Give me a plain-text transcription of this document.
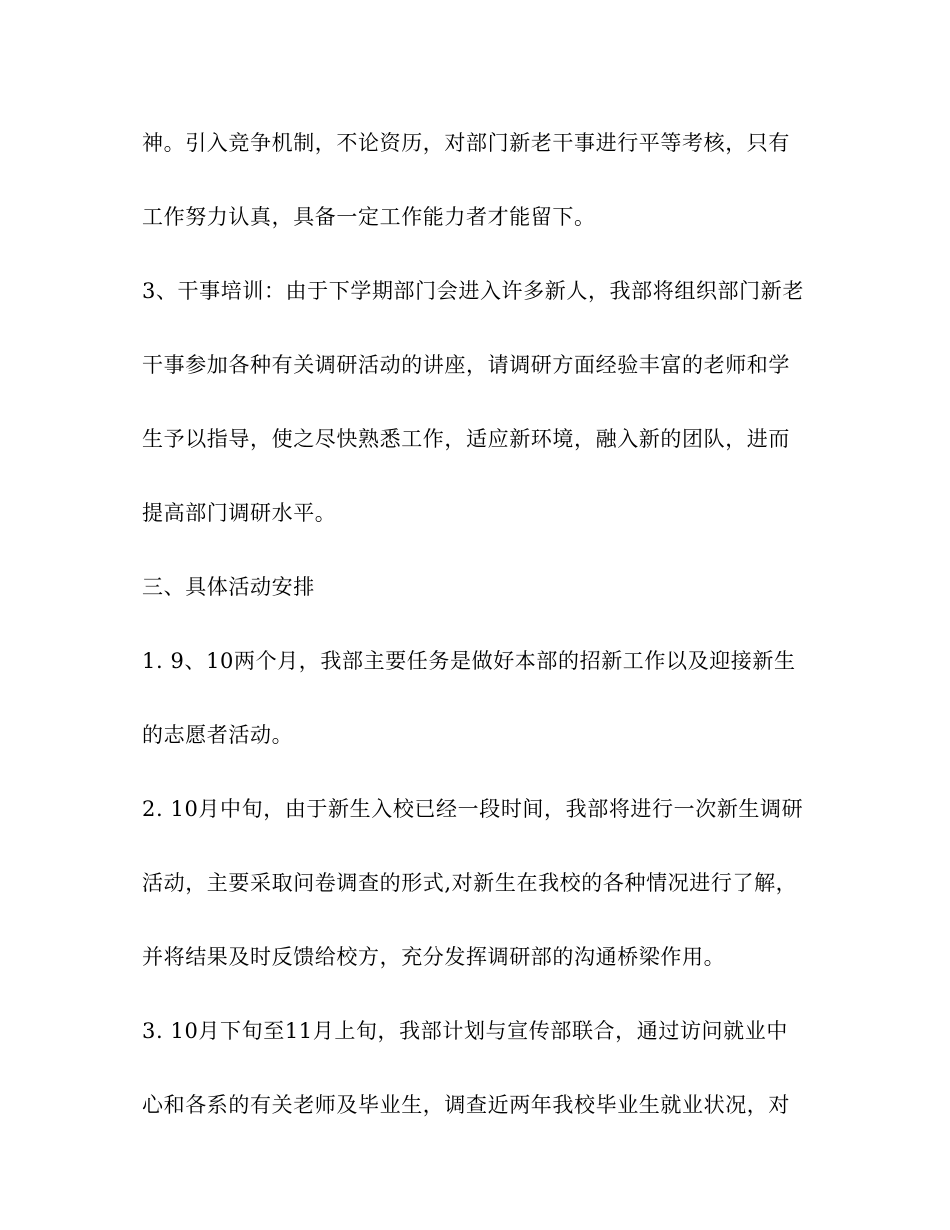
神。引入竞争机制，不论资历，对部门新老干事进行平等考核，只有

工作努力认真，具备一定工作能力者才能留下。

3、干事培训：由于下学期部门会进入许多新人，我部将组织部门新老

干事参加各种有关调研活动的讲座，请调研方面经验丰富的老师和学

生予以指导，使之尽快熟悉工作，适应新环境，融入新的团队，进而

提高部门调研水平。

三、具体活动安排

1. 9、10两个月，我部主要任务是做好本部的招新工作以及迎接新生

的志愿者活动。

2. 10月中旬，由于新生入校已经一段时间，我部将进行一次新生调研

活动，主要采取问卷调查的形式,对新生在我校的各种情况进行了解，

并将结果及时反馈给校方，充分发挥调研部的沟通桥梁作用。

3. 10月下旬至11月上旬，我部计划与宣传部联合，通过访问就业中

心和各系的有关老师及毕业生，调查近两年我校毕业生就业状况，对
